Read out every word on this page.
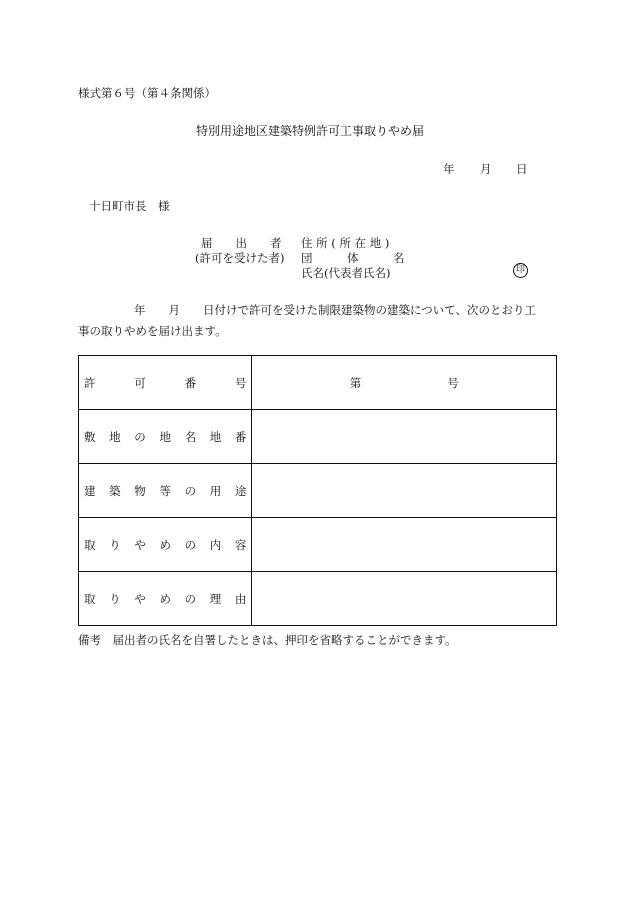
様式第６号（第４条関係）
特別用途地区建築特例許可工事取りやめ届
年 月 日
十日町市長　様
届　　出　　者
(許可を受けた者)
住 所 ( 所 在 地 )
団　　　体　　　名
氏名(代表者氏名)	印
年　　月　　日付けで許可を受けた制限建築物の建築について、次のとおり工
事の取りやめを届け出ます。
許可番号	第 号

敷地の地名地番	

建築物等の用途	

取りやめの内容	

取りやめの理由	

備考　届出者の氏名を自署したときは、押印を省略することができます。
